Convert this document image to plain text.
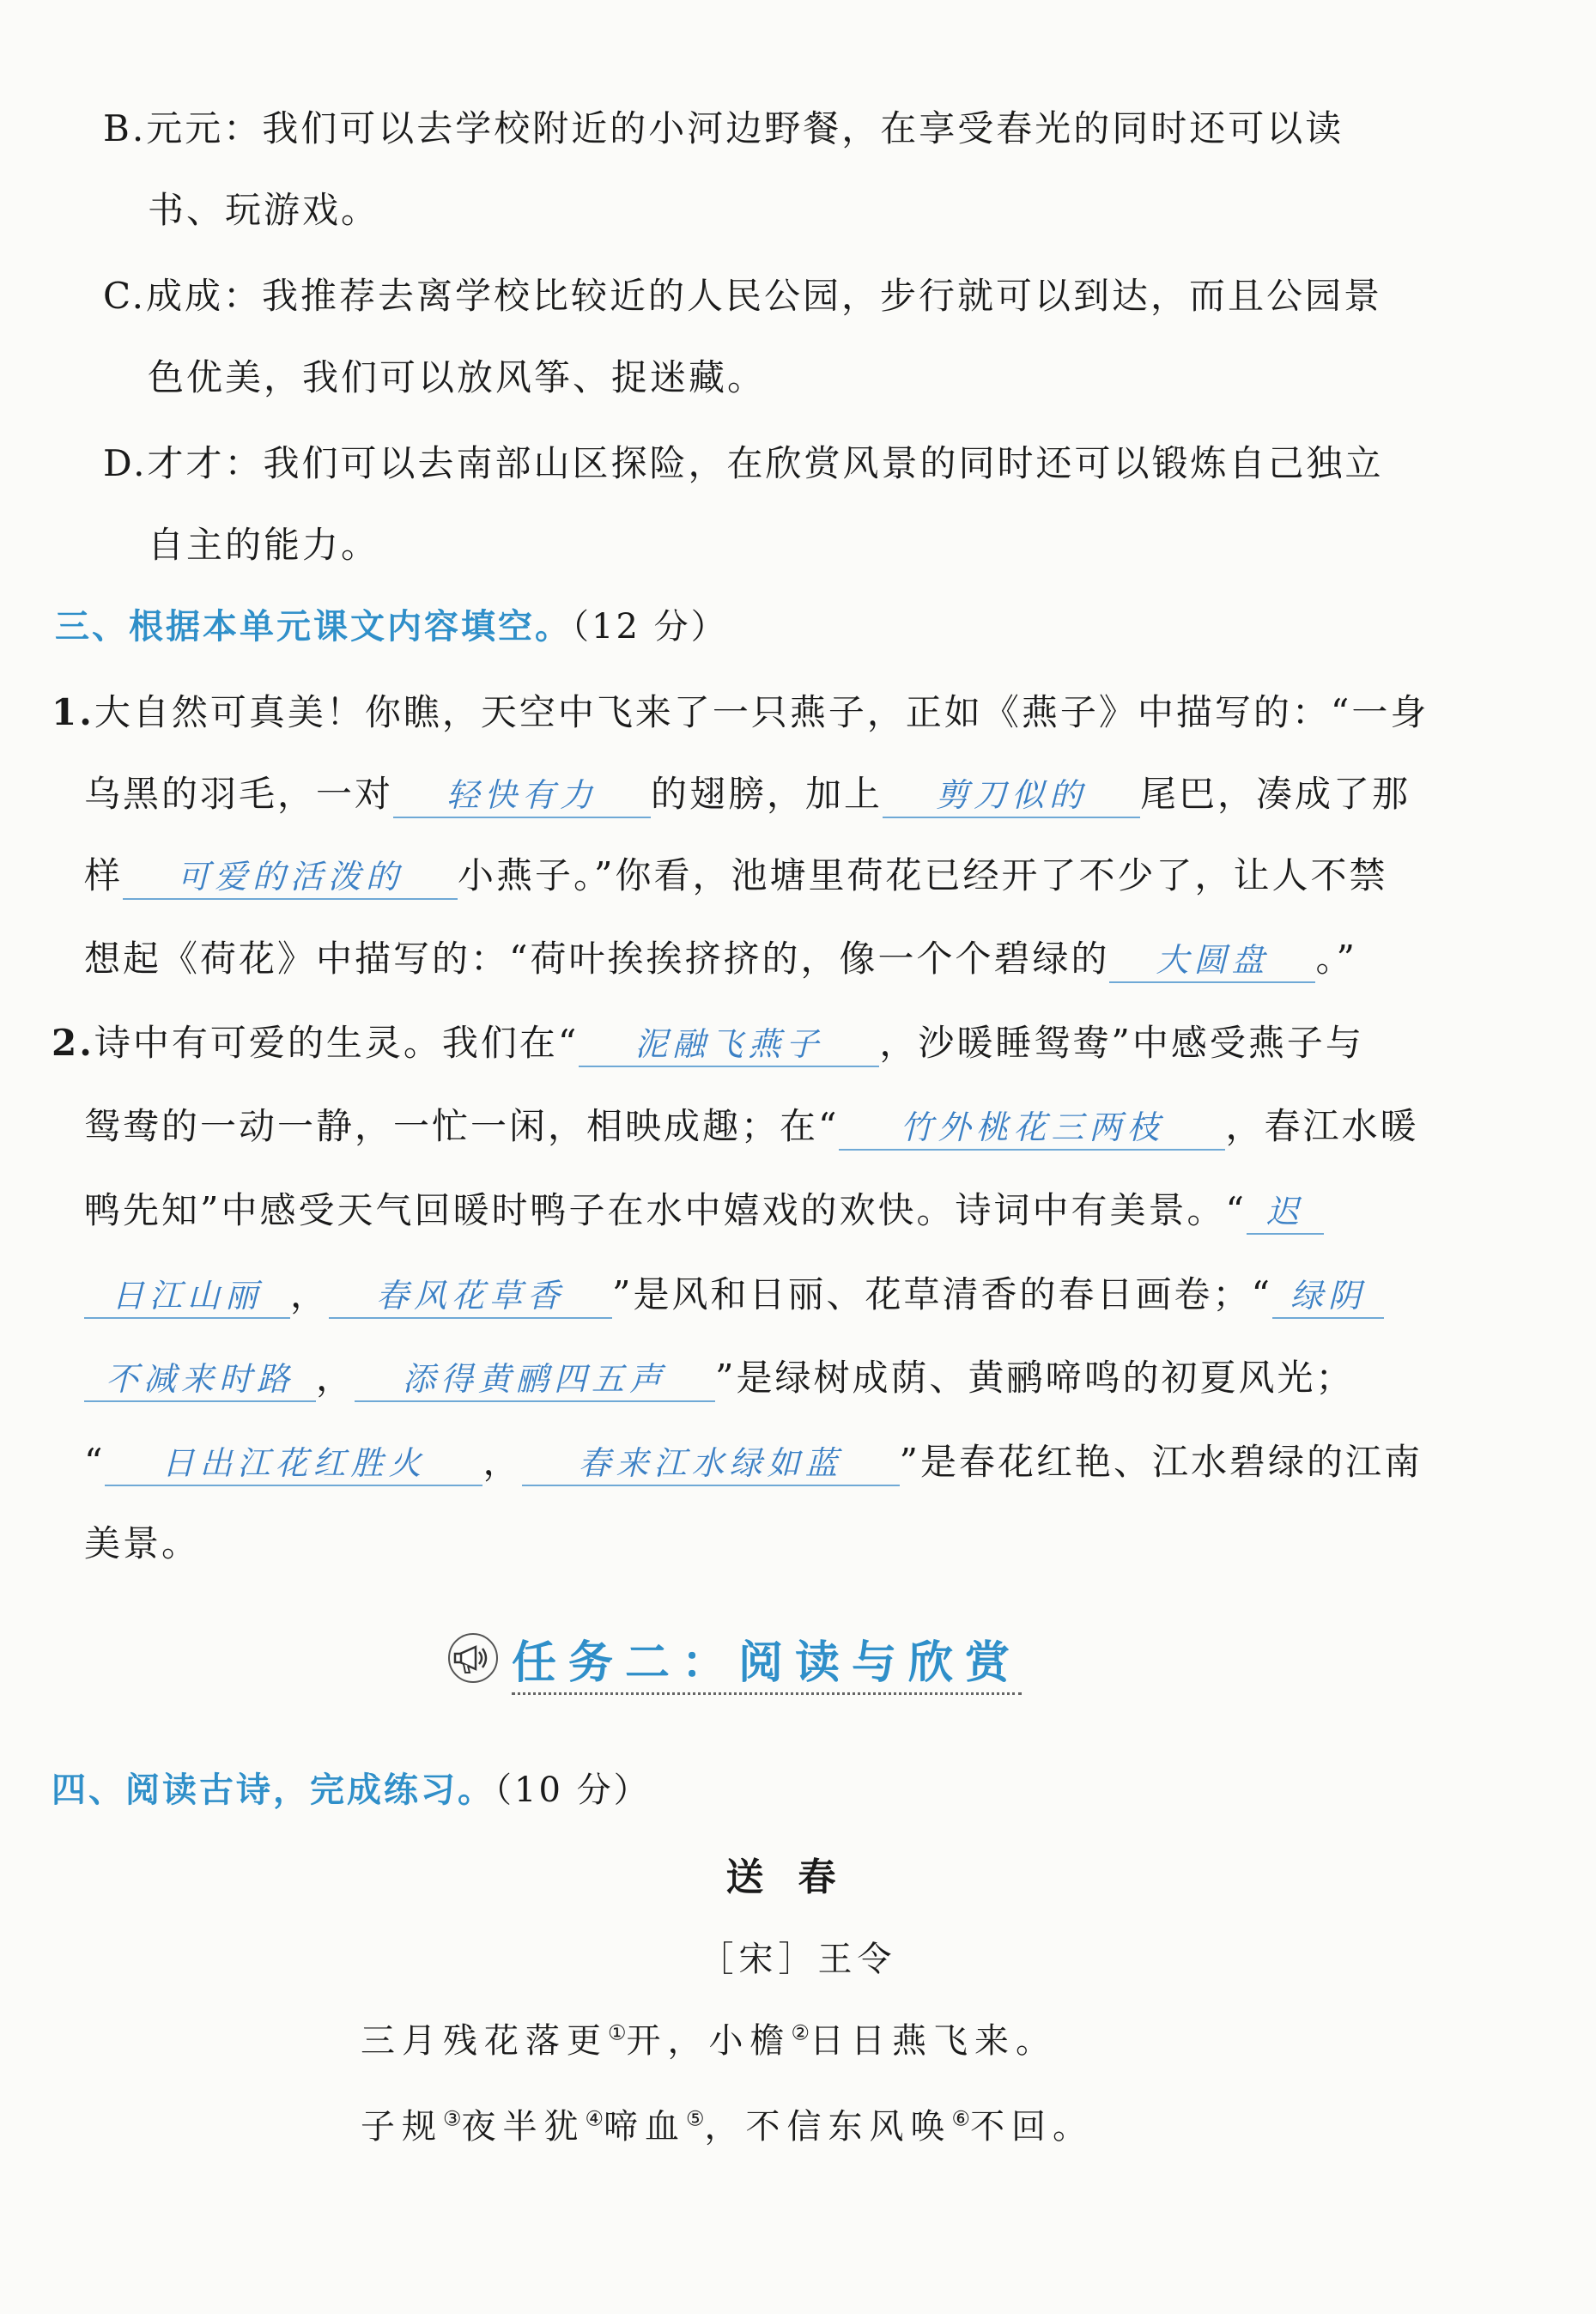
B.元元：我们可以去学校附近的小河边野餐，在享受春光的同时还可以读
书、玩游戏。
C.成成：我推荐去离学校比较近的人民公园，步行就可以到达，而且公园景
色优美，我们可以放风筝、捉迷藏。
D.才才：我们可以去南部山区探险，在欣赏风景的同时还可以锻炼自己独立
自主的能力。
三、根据本单元课文内容填空。（12 分）
1.大自然可真美！你瞧，天空中飞来了一只燕子，正如《燕子》中描写的：“一身
乌黑的羽毛，一对 轻快有力 的翅膀，加上 剪刀似的 尾巴，凑成了那
样 可爱的活泼的 小燕子。”你看，池塘里荷花已经开了不少了，让人不禁
想起《荷花》中描写的：“荷叶挨挨挤挤的，像一个个碧绿的 大圆盘 。”
2.诗中有可爱的生灵。我们在“ 泥融飞燕子 ，沙暖睡鸳鸯”中感受燕子与
鸳鸯的一动一静，一忙一闲，相映成趣；在“ 竹外桃花三两枝 ，春江水暖
鸭先知”中感受天气回暖时鸭子在水中嬉戏的欢快。诗词中有美景。“ 迟
日江山丽 ， 春风花草香 ”是风和日丽、花草清香的春日画卷；“ 绿阴
不减来时路 ， 添得黄鹂四五声 ”是绿树成荫、黄鹂啼鸣的初夏风光；
“ 日出江花红胜火 ， 春来江水绿如蓝 ”是春花红艳、江水碧绿的江南
美景。
任务二：阅读与欣赏
四、阅读古诗，完成练习。（10 分）
送春
［宋］王令
三月残花落更①开，小檐②日日燕飞来。
子规③夜半犹④啼血⑤，不信东风唤⑥不回。
